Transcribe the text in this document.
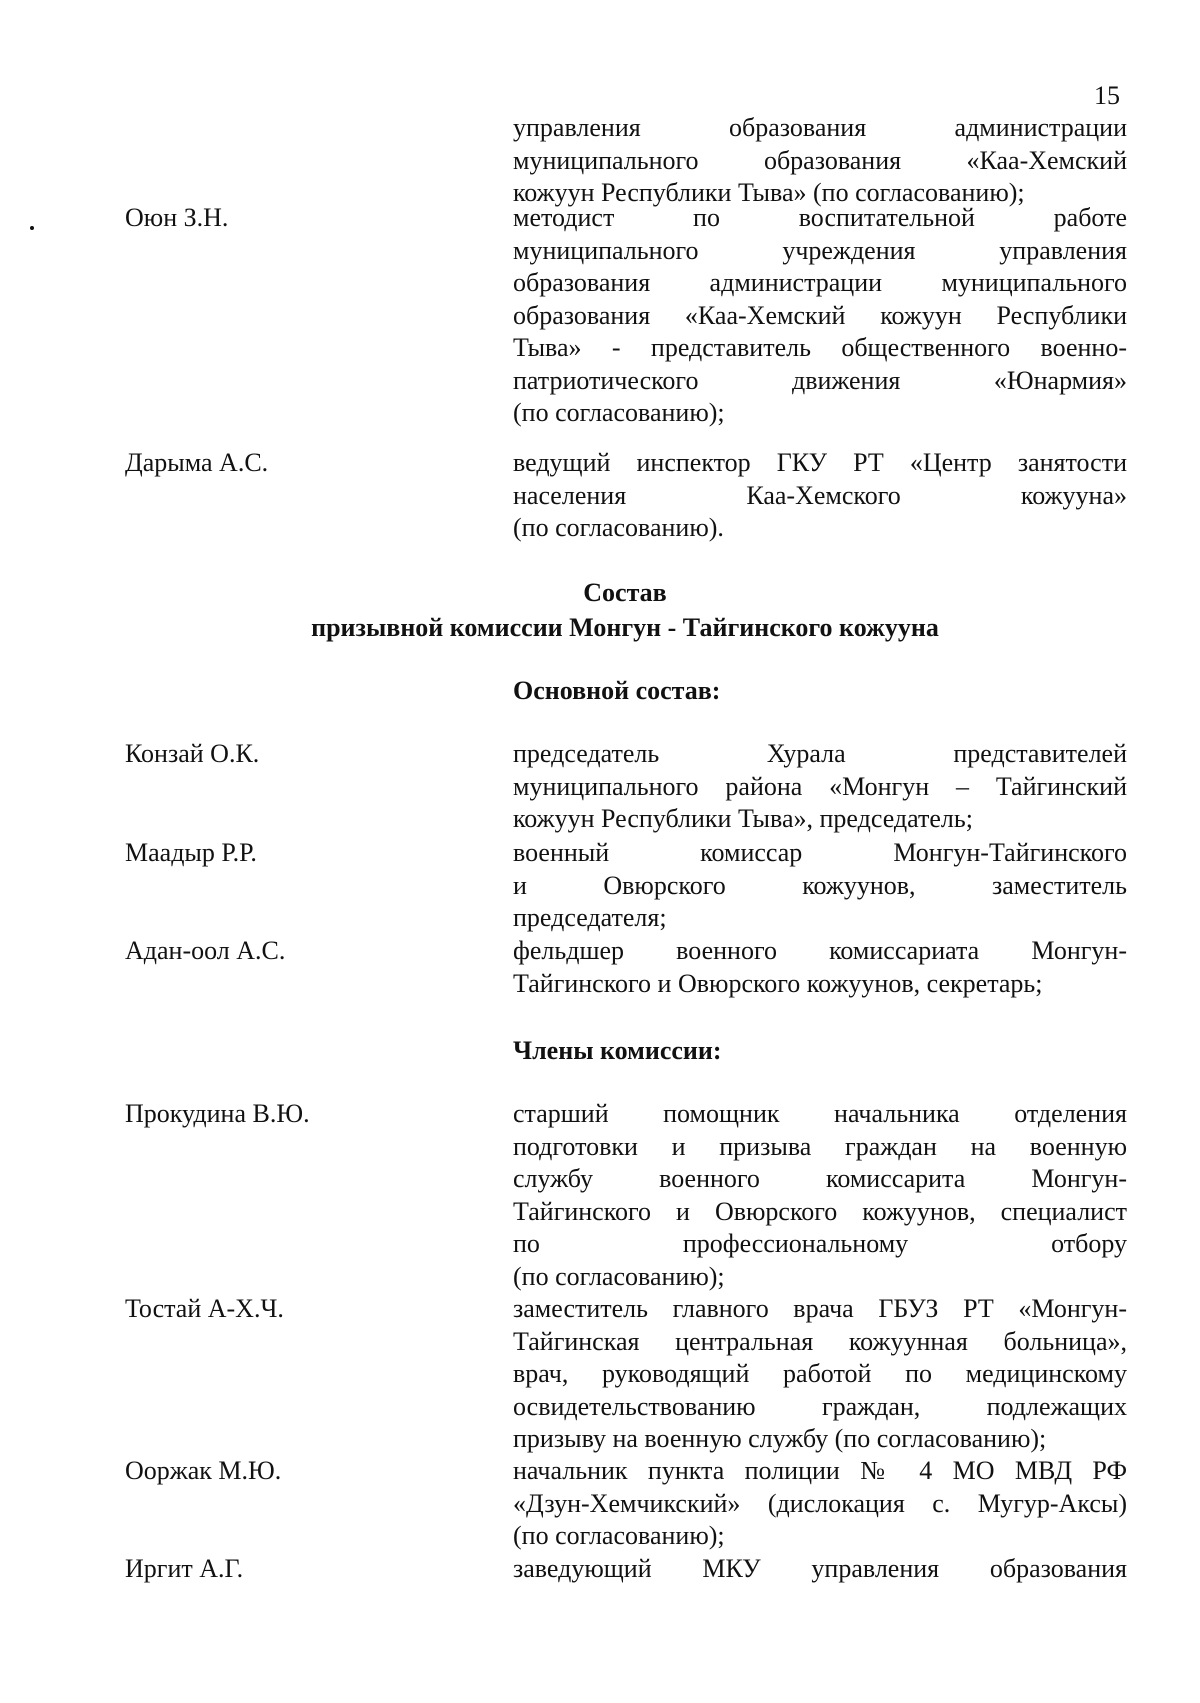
15
управления образования администрации
муниципального образования «Каа-Хемский
кожуун Республики Тыва» (по согласованию);
Оюн З.Н.	методист по воспитательной работе
муниципального учреждения управления
образования администрации муниципального
образования «Каа-Хемский кожуун Республики
Тыва» - представитель общественного военно-
патриотического движения «Юнармия»
(по согласованию);
Дарыма А.С.	ведущий инспектор ГКУ РТ «Центр занятости
населения Каа-Хемского кожууна»
(по согласованию).
Состав
призывной комиссии Монгун - Тайгинского кожууна
Основной состав:
Конзай О.К.	председатель Хурала представителей
муниципального района «Монгун – Тайгинский
кожуун Республики Тыва», председатель;
Маадыр Р.Р.	военный комиссар Монгун-Тайгинского
и Овюрского кожуунов, заместитель
председателя;
Адан-оол А.С.	фельдшер военного комиссариата Монгун-
Тайгинского и Овюрского кожуунов, секретарь;
Члены комиссии:
Прокудина В.Ю.	старший помощник начальника отделения
подготовки и призыва граждан на военную
службу военного комиссарита Монгун-
Тайгинского и Овюрского кожуунов, специалист
по профессиональному отбору
(по согласованию);
Тостай А-Х.Ч.	заместитель главного врача ГБУЗ РТ «Монгун-
Тайгинская центральная кожуунная больница»,
врач, руководящий работой по медицинскому
освидетельствованию граждан, подлежащих
призыву на военную службу (по согласованию);
Ооржак М.Ю.	начальник пункта полиции № 4 МО МВД РФ
«Дзун-Хемчикский» (дислокация с. Мугур-Аксы)
(по согласованию);
Иргит А.Г.	заведующий МКУ управления образования
